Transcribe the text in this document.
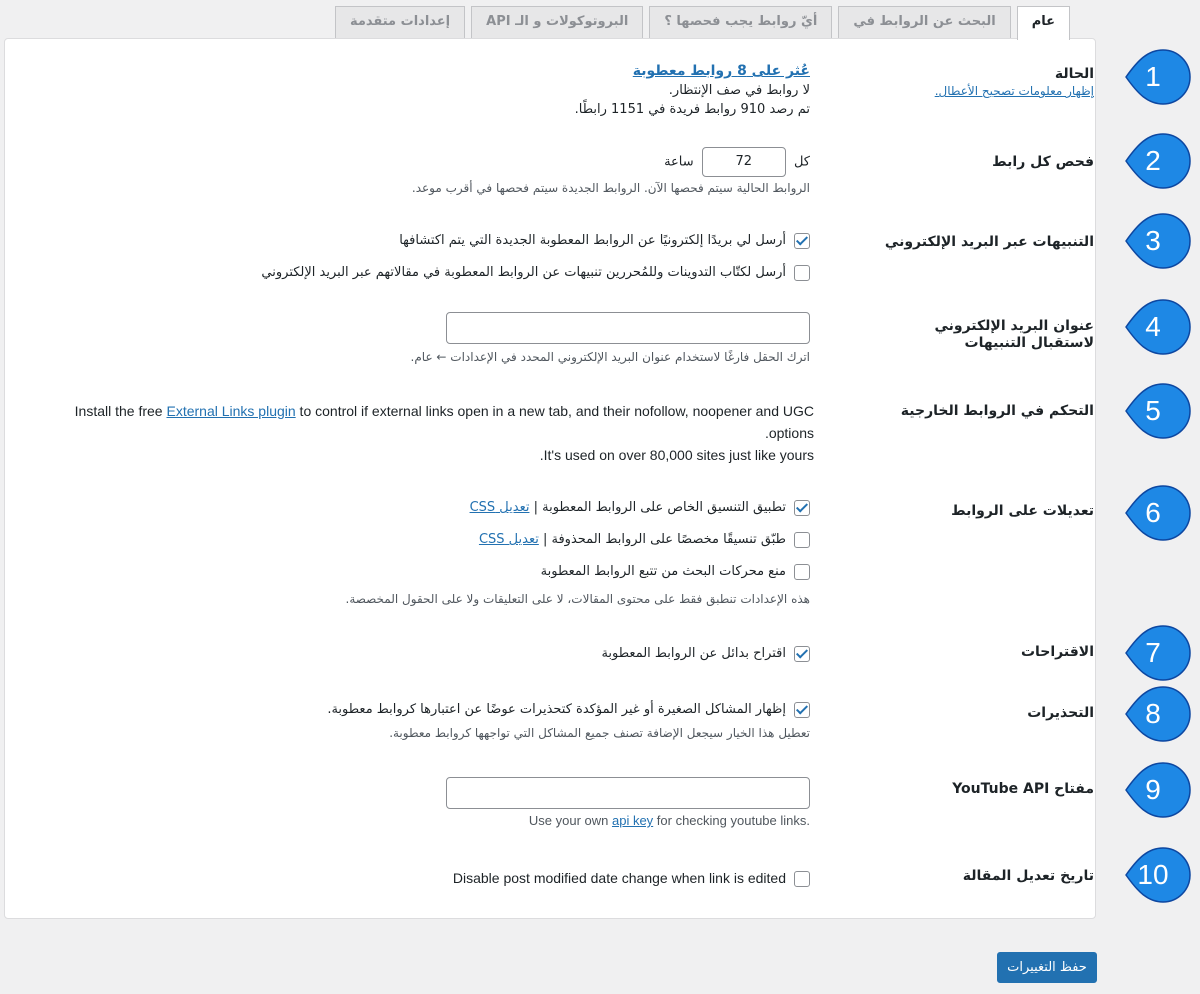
عام
البحث عن الروابط في
أيّ روابط يجب فحصها ؟
البروتوكولات و الـ API
إعدادات متقدمة
الحالة
إظهار معلومات تصحيح الأعطال.
عُثر على 8 روابط معطوبة
لا روابط في صف الإنتظار.
تم رصد 910 روابط فريدة في 1151 رابطًا.
فحص كل رابط
كل 72 ساعة
الروابط الحالية سيتم فحصها الآن. الروابط الجديدة سيتم فحصها في أقرب موعد.
التنبيهات عبر البريد الإلكتروني
أرسل لي بريدًا إلكترونيًا عن الروابط المعطوبة الجديدة التي يتم اكتشافها
أرسل لكتّاب التدوينات وللمُحررين تنبيهات عن الروابط المعطوبة في مقالاتهم عبر البريد الإلكتروني
عنوان البريد الإلكتروني لاستقبال التنبيهات
اترك الحقل فارغًا لاستخدام عنوان البريد الإلكتروني المحدد في الإعدادات ← عام.
التحكم في الروابط الخارجية
Install the free External Links plugin to control if external links open in a new tab, and their nofollow, noopener and UGC
.options
.It's used on over 80,000 sites just like yours
تعديلات على الروابط
تطبيق التنسيق الخاص على الروابط المعطوبة | تعديل CSS
طبّق تنسيقًا مخصصًا على الروابط المحذوفة | تعديل CSS
منع محركات البحث من تتبع الروابط المعطوبة
هذه الإعدادات تنطبق فقط على محتوى المقالات، لا على التعليقات ولا على الحقول المخصصة.
الاقتراحات
اقتراح بدائل عن الروابط المعطوبة
التحذيرات
إظهار المشاكل الصغيرة أو غير المؤكدة كتحذيرات عوضًا عن اعتبارها كروابط معطوبة.
تعطيل هذا الخيار سيجعل الإضافة تصنف جميع المشاكل التي تواجهها كروابط معطوبة.
مفتاح YouTube API
Use your own api key for checking youtube links.
تاريخ تعديل المقالة
Disable post modified date change when link is edited
1
2
3
4
5
6
7
8
9
10
حفظ التغييرات
